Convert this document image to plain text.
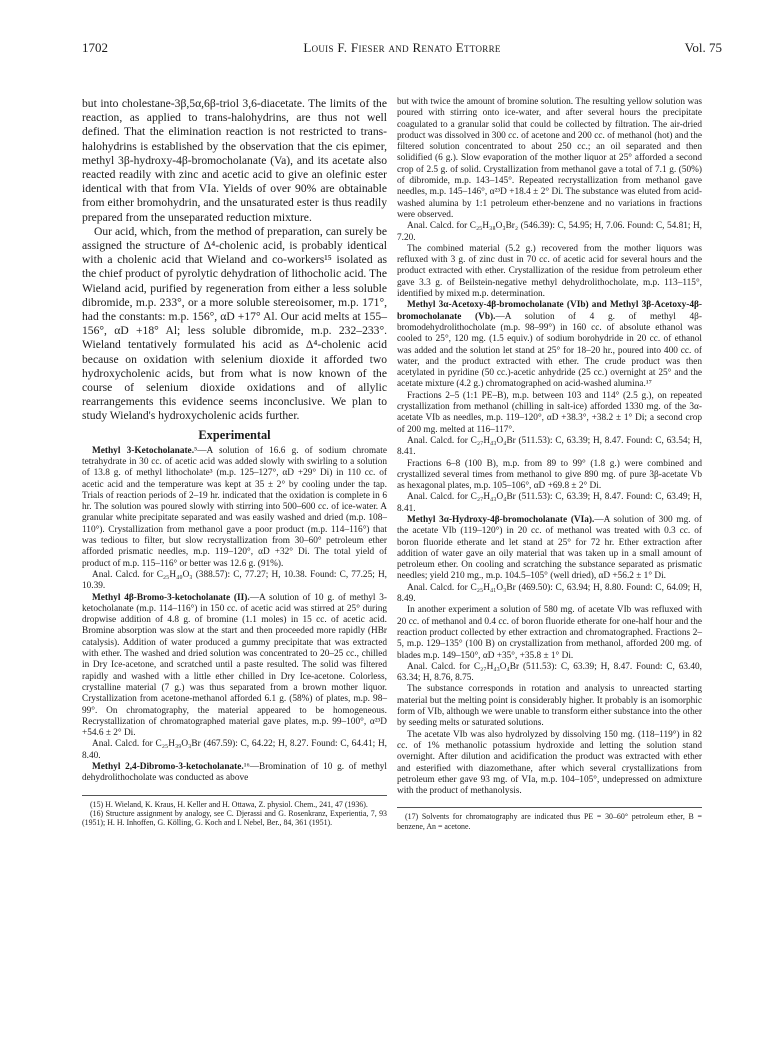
1702	Louis F. Fieser and Renato Ettorre	Vol. 75

but into cholestane-3β,5α,6β-triol 3,6-diacetate. The limits of the reaction, as applied to trans-halohydrins, are thus not well defined. That the elimination reaction is not restricted to trans-halohydrins is established by the observation that the cis epimer, methyl 3β-hydroxy-4β-bromocholanate (Va), and its acetate also reacted readily with zinc and acetic acid to give an olefinic ester identical with that from VIa. Yields of over 90% are obtainable from either bromohydrin, and the unsaturated ester is thus readily prepared from the unseparated reduction mixture.

Our acid, which, from the method of preparation, can surely be assigned the structure of Δ⁴-cholenic acid, is probably identical with a cholenic acid that Wieland and co-workers¹⁵ isolated as the chief product of pyrolytic dehydration of lithocholic acid. The Wieland acid, purified by regeneration from either a less soluble dibromide, m.p. 233°, or a more soluble stereoisomer, m.p. 171°, had the constants: m.p. 156°, αD +17° Al. Our acid melts at 155–156°, αD +18° Al; less soluble dibromide, m.p. 232–233°. Wieland tentatively formulated his acid as Δ⁴-cholenic acid because on oxidation with selenium dioxide it afforded two hydroxycholenic acids, but from what is now known of the course of selenium dioxide oxidations and of allylic rearrangements this evidence seems inconclusive. We plan to study Wieland's hydroxycholenic acids further.

Experimental

Methyl 3-Ketocholanate.⁵—A solution of 16.6 g. of sodium chromate tetrahydrate in 30 cc. of acetic acid was added slowly with swirling to a solution of 13.8 g. of methyl lithocholate³ (m.p. 125–127°, αD +29° Di) in 110 cc. of acetic acid and the temperature was kept at 35 ± 2° by cooling under the tap. Trials of reaction periods of 2–19 hr. indicated that the oxidation is complete in 6 hr. The solution was poured slowly with stirring into 500–600 cc. of ice-water. A granular white precipitate separated and was easily washed and dried (m.p. 108–110°). Crystallization from methanol gave a poor product (m.p. 114–116°) that was tedious to filter, but slow recrystallization from 30–60° petroleum ether afforded prismatic needles, m.p. 119–120°, αD +32° Di. The total yield of product of m.p. 115–116° or better was 12.6 g. (91%).

Anal. Calcd. for C₂₅H₄₀O₃ (388.57): C, 77.27; H, 10.38. Found: C, 77.25; H, 10.39.

Methyl 4β-Bromo-3-ketocholanate (II).—A solution of 10 g. of methyl 3-ketocholanate (m.p. 114–116°) in 150 cc. of acetic acid was stirred at 25° during dropwise addition of 4.8 g. of bromine (1.1 moles) in 15 cc. of acetic acid. Bromine absorption was slow at the start and then proceeded more rapidly (HBr catalysis). Addition of water produced a gummy precipitate that was extracted with ether. The washed and dried solution was concentrated to 20–25 cc., chilled in Dry Ice-acetone, and scratched until a paste resulted. The solid was filtered rapidly and washed with a little ether chilled in Dry Ice-acetone. Colorless, crystalline material (7 g.) was thus separated from a brown mother liquor. Crystallization from acetone-methanol afforded 6.1 g. (58%) of plates, m.p. 98–99°. On chromatography, the material appeared to be homogeneous. Recrystallization of chromatographed material gave plates, m.p. 99–100°, α²³D +54.6 ± 2° Di.

Anal. Calcd. for C₂₅H₃₉O₃Br (467.59): C, 64.22; H, 8.27. Found: C, 64.41; H, 8.40.

Methyl 2,4-Dibromo-3-ketocholanate.¹⁶—Bromination of 10 g. of methyl dehydrolithocholate was conducted as above

(15) H. Wieland, K. Kraus, H. Keller and H. Ottawa, Z. physiol. Chem., 241, 47 (1936).

(16) Structure assignment by analogy, see C. Djerassi and G. Rosenkranz, Experientia, 7, 93 (1951); H. H. Inhoffen, G. Kölling, G. Koch and I. Nebel, Ber., 84, 361 (1951).

but with twice the amount of bromine solution. The resulting yellow solution was poured with stirring onto ice-water, and after several hours the precipitate coagulated to a granular solid that could be collected by filtration. The air-dried product was dissolved in 300 cc. of acetone and 200 cc. of methanol (hot) and the filtered solution concentrated to about 250 cc.; an oil separated and then solidified (6 g.). Slow evaporation of the mother liquor at 25° afforded a second crop of 2.5 g. of solid. Crystallization from methanol gave a total of 7.1 g. (50%) of dibromide, m.p. 143–145°. Repeated recrystallization from methanol gave needles, m.p. 145–146°, α²³D +18.4 ± 2° Di. The substance was eluted from acid-washed alumina by 1:1 petroleum ether-benzene and no variations in fractions were observed.

Anal. Calcd. for C₂₅H₃₈O₃Br₂ (546.39): C, 54.95; H, 7.06. Found: C, 54.81; H, 7.20.

The combined material (5.2 g.) recovered from the mother liquors was refluxed with 3 g. of zinc dust in 70 cc. of acetic acid for several hours and the product extracted with ether. Crystallization of the residue from petroleum ether gave 3.3 g. of Beilstein-negative methyl dehydrolithocholate, m.p. 113–115°, identified by mixed m.p. determination.

Methyl 3α-Acetoxy-4β-bromocholanate (VIb) and Methyl 3β-Acetoxy-4β-bromocholanate (Vb).—A solution of 4 g. of methyl 4β-bromodehydrolithocholate (m.p. 98–99°) in 160 cc. of absolute ethanol was cooled to 25°, 120 mg. (1.5 equiv.) of sodium borohydride in 20 cc. of ethanol was added and the solution let stand at 25° for 18–20 hr., poured into 400 cc. of water, and the product extracted with ether. The crude product was then acetylated in pyridine (50 cc.)-acetic anhydride (25 cc.) overnight at 25° and the acetate mixture (4.2 g.) chromatographed on acid-washed alumina.¹⁷

Fractions 2–5 (1:1 PE–B), m.p. between 103 and 114° (2.5 g.), on repeated crystallization from methanol (chilling in salt-ice) afforded 1330 mg. of the 3α-acetate VIb as needles, m.p. 119–120°, αD +38.3°, +38.2 ± 1° Di; a second crop of 200 mg. melted at 116–117°.

Anal. Calcd. for C₂₇H₄₃O₄Br (511.53): C, 63.39; H, 8.47. Found: C, 63.54; H, 8.41.

Fractions 6–8 (100 B), m.p. from 89 to 99° (1.8 g.) were combined and crystallized several times from methanol to give 890 mg. of pure 3β-acetate Vb as hexagonal plates, m.p. 105–106°, αD +69.8 ± 2° Di.

Anal. Calcd. for C₂₇H₄₃O₄Br (511.53): C, 63.39; H, 8.47. Found: C, 63.49; H, 8.41.

Methyl 3α-Hydroxy-4β-bromocholanate (VIa).—A solution of 300 mg. of the acetate VIb (119–120°) in 20 cc. of methanol was treated with 0.3 cc. of boron fluoride etherate and let stand at 25° for 72 hr. Ether extraction after addition of water gave an oily material that was taken up in a small amount of petroleum ether. On cooling and scratching the substance separated as prismatic needles; yield 210 mg., m.p. 104.5–105° (well dried), αD +56.2 ± 1° Di.

Anal. Calcd. for C₂₅H₄₁O₃Br (469.50): C, 63.94; H, 8.80. Found: C, 64.09; H, 8.49.

In another experiment a solution of 580 mg. of acetate VIb was refluxed with 20 cc. of methanol and 0.4 cc. of boron fluoride etherate for one-half hour and the reaction product collected by ether extraction and chromatographed. Fractions 2–5, m.p. 129–135° (100 B) on crystallization from methanol, afforded 200 mg. of blades m.p. 149–150°, αD +35°, +35.8 ± 1° Di.

Anal. Calcd. for C₂₇H₄₃O₄Br (511.53): C, 63.39; H, 8.47. Found: C, 63.40, 63.34; H, 8.76, 8.75.

The substance corresponds in rotation and analysis to unreacted starting material but the melting point is considerably higher. It probably is an isomorphic form of VIb, although we were unable to transform either substance into the other by seeding melts or saturated solutions.

The acetate VIb was also hydrolyzed by dissolving 150 mg. (118–119°) in 82 cc. of 1% methanolic potassium hydroxide and letting the solution stand overnight. After dilution and acidification the product was extracted with ether and esterified with diazomethane, after which several crystallizations from petroleum ether gave 93 mg. of VIa, m.p. 104–105°, undepressed on admixture with the product of methanolysis.

(17) Solvents for chromatography are indicated thus PE = 30–60° petroleum ether, B = benzene, An = acetone.
